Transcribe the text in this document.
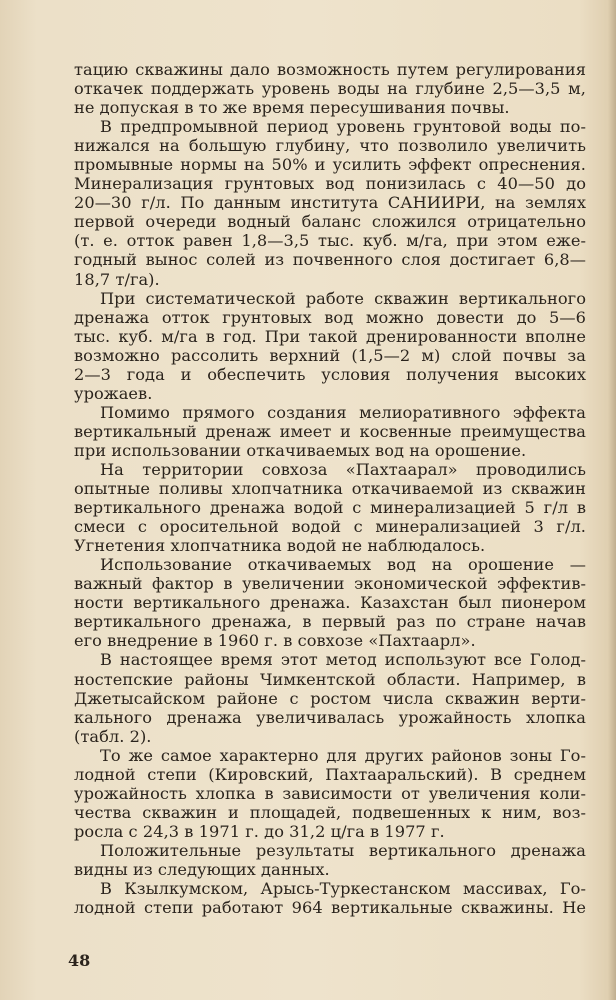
тацию скважины дало возможность путем регулирования
откачек поддержать уровень воды на глубине 2,5—3,5 м,
не допуская в то же время пересушивания почвы.
В предпромывной период уровень грунтовой воды по-
нижался на большую глубину, что позволило увеличить
промывные нормы на 50% и усилить эффект опреснения.
Минерализация грунтовых вод понизилась с 40—50 до
20—30 г/л. По данным института САНИИРИ, на землях
первой очереди водный баланс сложился отрицательно
(т. е. отток равен 1,8—3,5 тыс. куб. м/га, при этом еже-
годный вынос солей из почвенного слоя достигает 6,8—
18,7 т/га).
При систематической работе скважин вертикального
дренажа отток грунтовых вод можно довести до 5—6
тыс. куб. м/га в год. При такой дренированности вполне
возможно рассолить верхний (1,5—2 м) слой почвы за
2—3 года и обеспечить условия получения высоких
урожаев.
Помимо прямого создания мелиоративного эффекта
вертикальный дренаж имеет и косвенные преимущества
при использовании откачиваемых вод на орошение.
На территории совхоза «Пахтаарал» проводились
опытные поливы хлопчатника откачиваемой из скважин
вертикального дренажа водой с минерализацией 5 г/л в
смеси с оросительной водой с минерализацией 3 г/л.
Угнетения хлопчатника водой не наблюдалось.
Использование откачиваемых вод на орошение —
важный фактор в увеличении экономической эффектив-
ности вертикального дренажа. Казахстан был пионером
вертикального дренажа, в первый раз по стране начав
его внедрение в 1960 г. в совхозе «Пахтаарл».
В настоящее время этот метод используют все Голод-
ностепские районы Чимкентской области. Например, в
Джетысайском районе с ростом числа скважин верти-
кального дренажа увеличивалась урожайность хлопка
(табл. 2).
То же самое характерно для других районов зоны Го-
лодной степи (Кировский, Пахтааральский). В среднем
урожайность хлопка в зависимости от увеличения коли-
чества скважин и площадей, подвешенных к ним, воз-
росла с 24,3 в 1971 г. до 31,2 ц/га в 1977 г.
Положительные результаты вертикального дренажа
видны из следующих данных.
В Кзылкумском, Арысь-Туркестанском массивах, Го-
лодной степи работают 964 вертикальные скважины. Не
48
